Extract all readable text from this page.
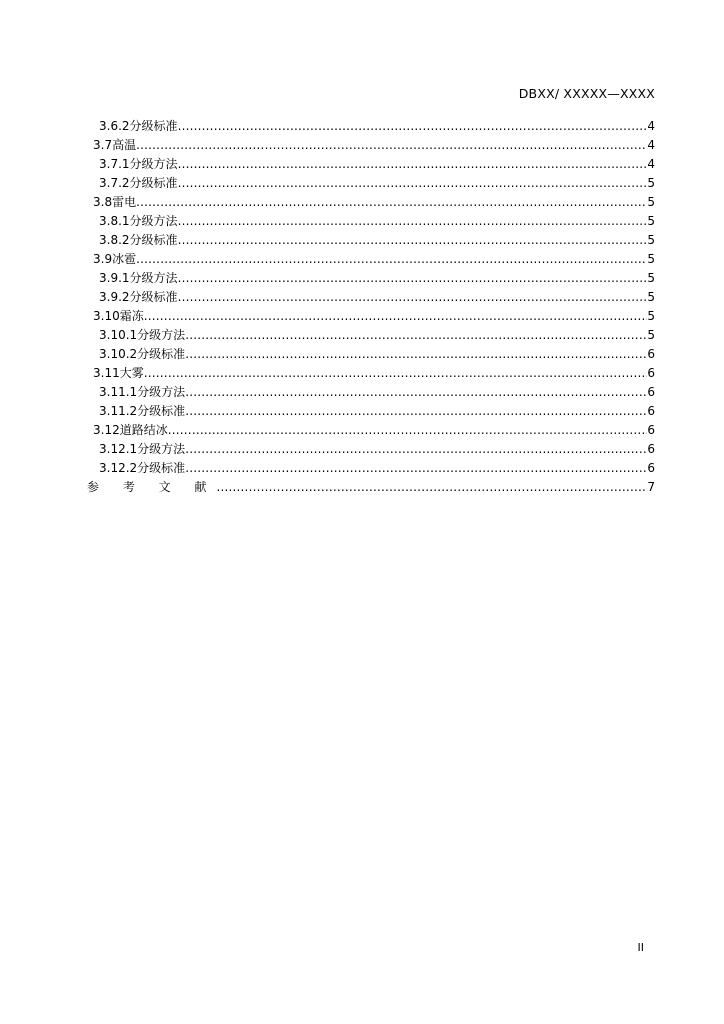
DBXX/ XXXXX—XXXX
3.6.2 分级标准 .....	4
3.7 高温 .....	4
3.7.1 分级方法 .....	4
3.7.2 分级标准 .....	5
3.8 雷电 .....	5
3.8.1 分级方法 .....	5
3.8.2 分级标准 .....	5
3.9 冰雹 .....	5
3.9.1 分级方法 .....	5
3.9.2 分级标准 .....	5
3.10 霜冻 .....	5
3.10.1 分级方法 .....	5
3.10.2 分级标准 .....	6
3.11 大雾 .....	6
3.11.1 分级方法 .....	6
3.11.2 分级标准 .....	6
3.12 道路结冰 .....	6
3.12.1 分级方法 .....	6
3.12.2 分级标准 .....	6
参 考 文 献 .....	7
II
